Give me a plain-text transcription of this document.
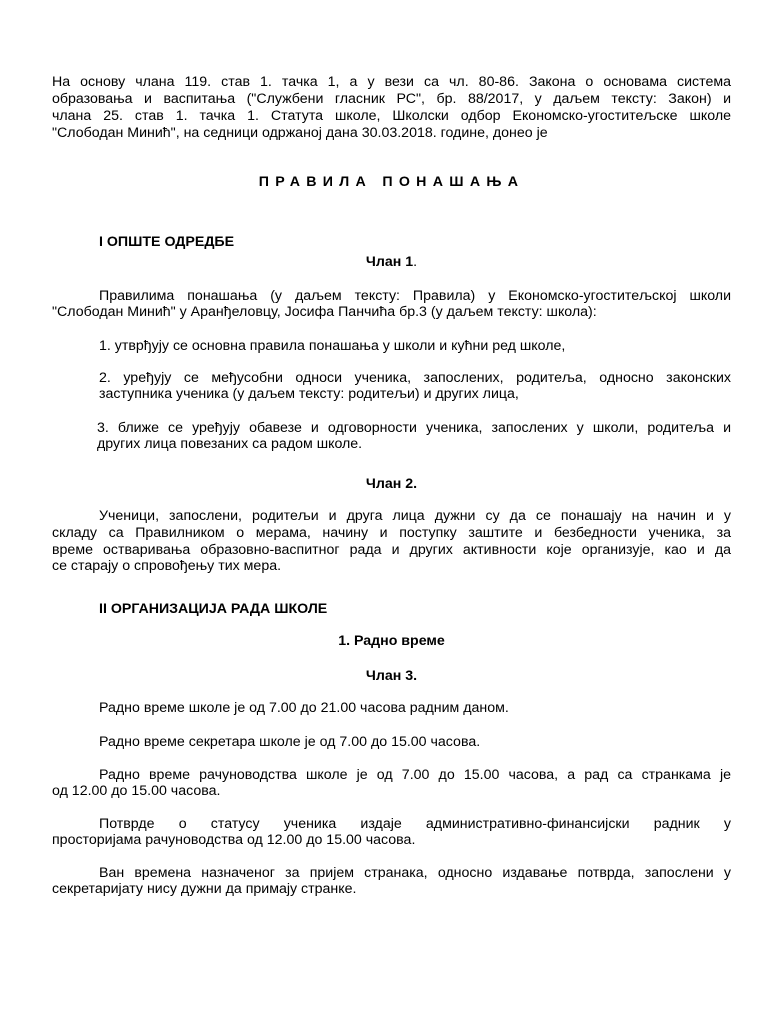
На основу члана 119. став 1. тачка 1, а у вези са чл. 80-86. Закона о основама система

образовања и васпитања ("Службени гласник РС", бр. 88/2017, у даљем тексту: Закон) и

члана 25. став 1. тачка 1. Статута школе, Школски одбор Економско-угоститељске школе

"Слободан Минић", на седници одржаној дана 30.03.2018. године, донео је

ПРАВИЛА ПОНАШАЊА

I ОПШТЕ ОДРЕДБЕ

Члан 1.

Правилима понашања (у даљем тексту: Правила) у Економско-угоститељској школи

"Слободан Минић" у Аранђеловцу, Јосифа Панчића бр.3 (у даљем тексту: школа):

1. утврђују се основна правила понашања у школи и кућни ред школе,

2. уређују се међусобни односи ученика, запослених, родитеља, односно законских

заступника ученика (у даљем тексту: родитељи) и других лица,

3. ближе се уређују обавезе и одговорности ученика, запослених у школи, родитеља и

других лица повезаних са радом школе.

Члан 2.

Ученици, запослени, родитељи и друга лица дужни су да се понашају на начин и у

складу са Правилником о мерама, начину и поступку заштите и безбедности ученика, за

време остваривања образовно-васпитног рада и других активности које организује, као и да

се старају о спровођењу тих мера.

II ОРГАНИЗАЦИЈА РАДА ШКОЛЕ

1. Радно време

Члан 3.

Радно време школе је од 7.00 до 21.00 часова радним даном.

Радно време секретара школе је од 7.00 до 15.00 часова.

Радно време рачуноводства школе је од 7.00 до 15.00 часова, а рад са странкама је

од 12.00 до 15.00 часова.

Потврде о статусу ученика издаје административно-финансијски радник у

просторијама рачуноводства од 12.00 до 15.00 часова.

Ван времена назначеног за пријем странака, односно издавање потврда, запослени у

секретаријату нису дужни да примају странке.
